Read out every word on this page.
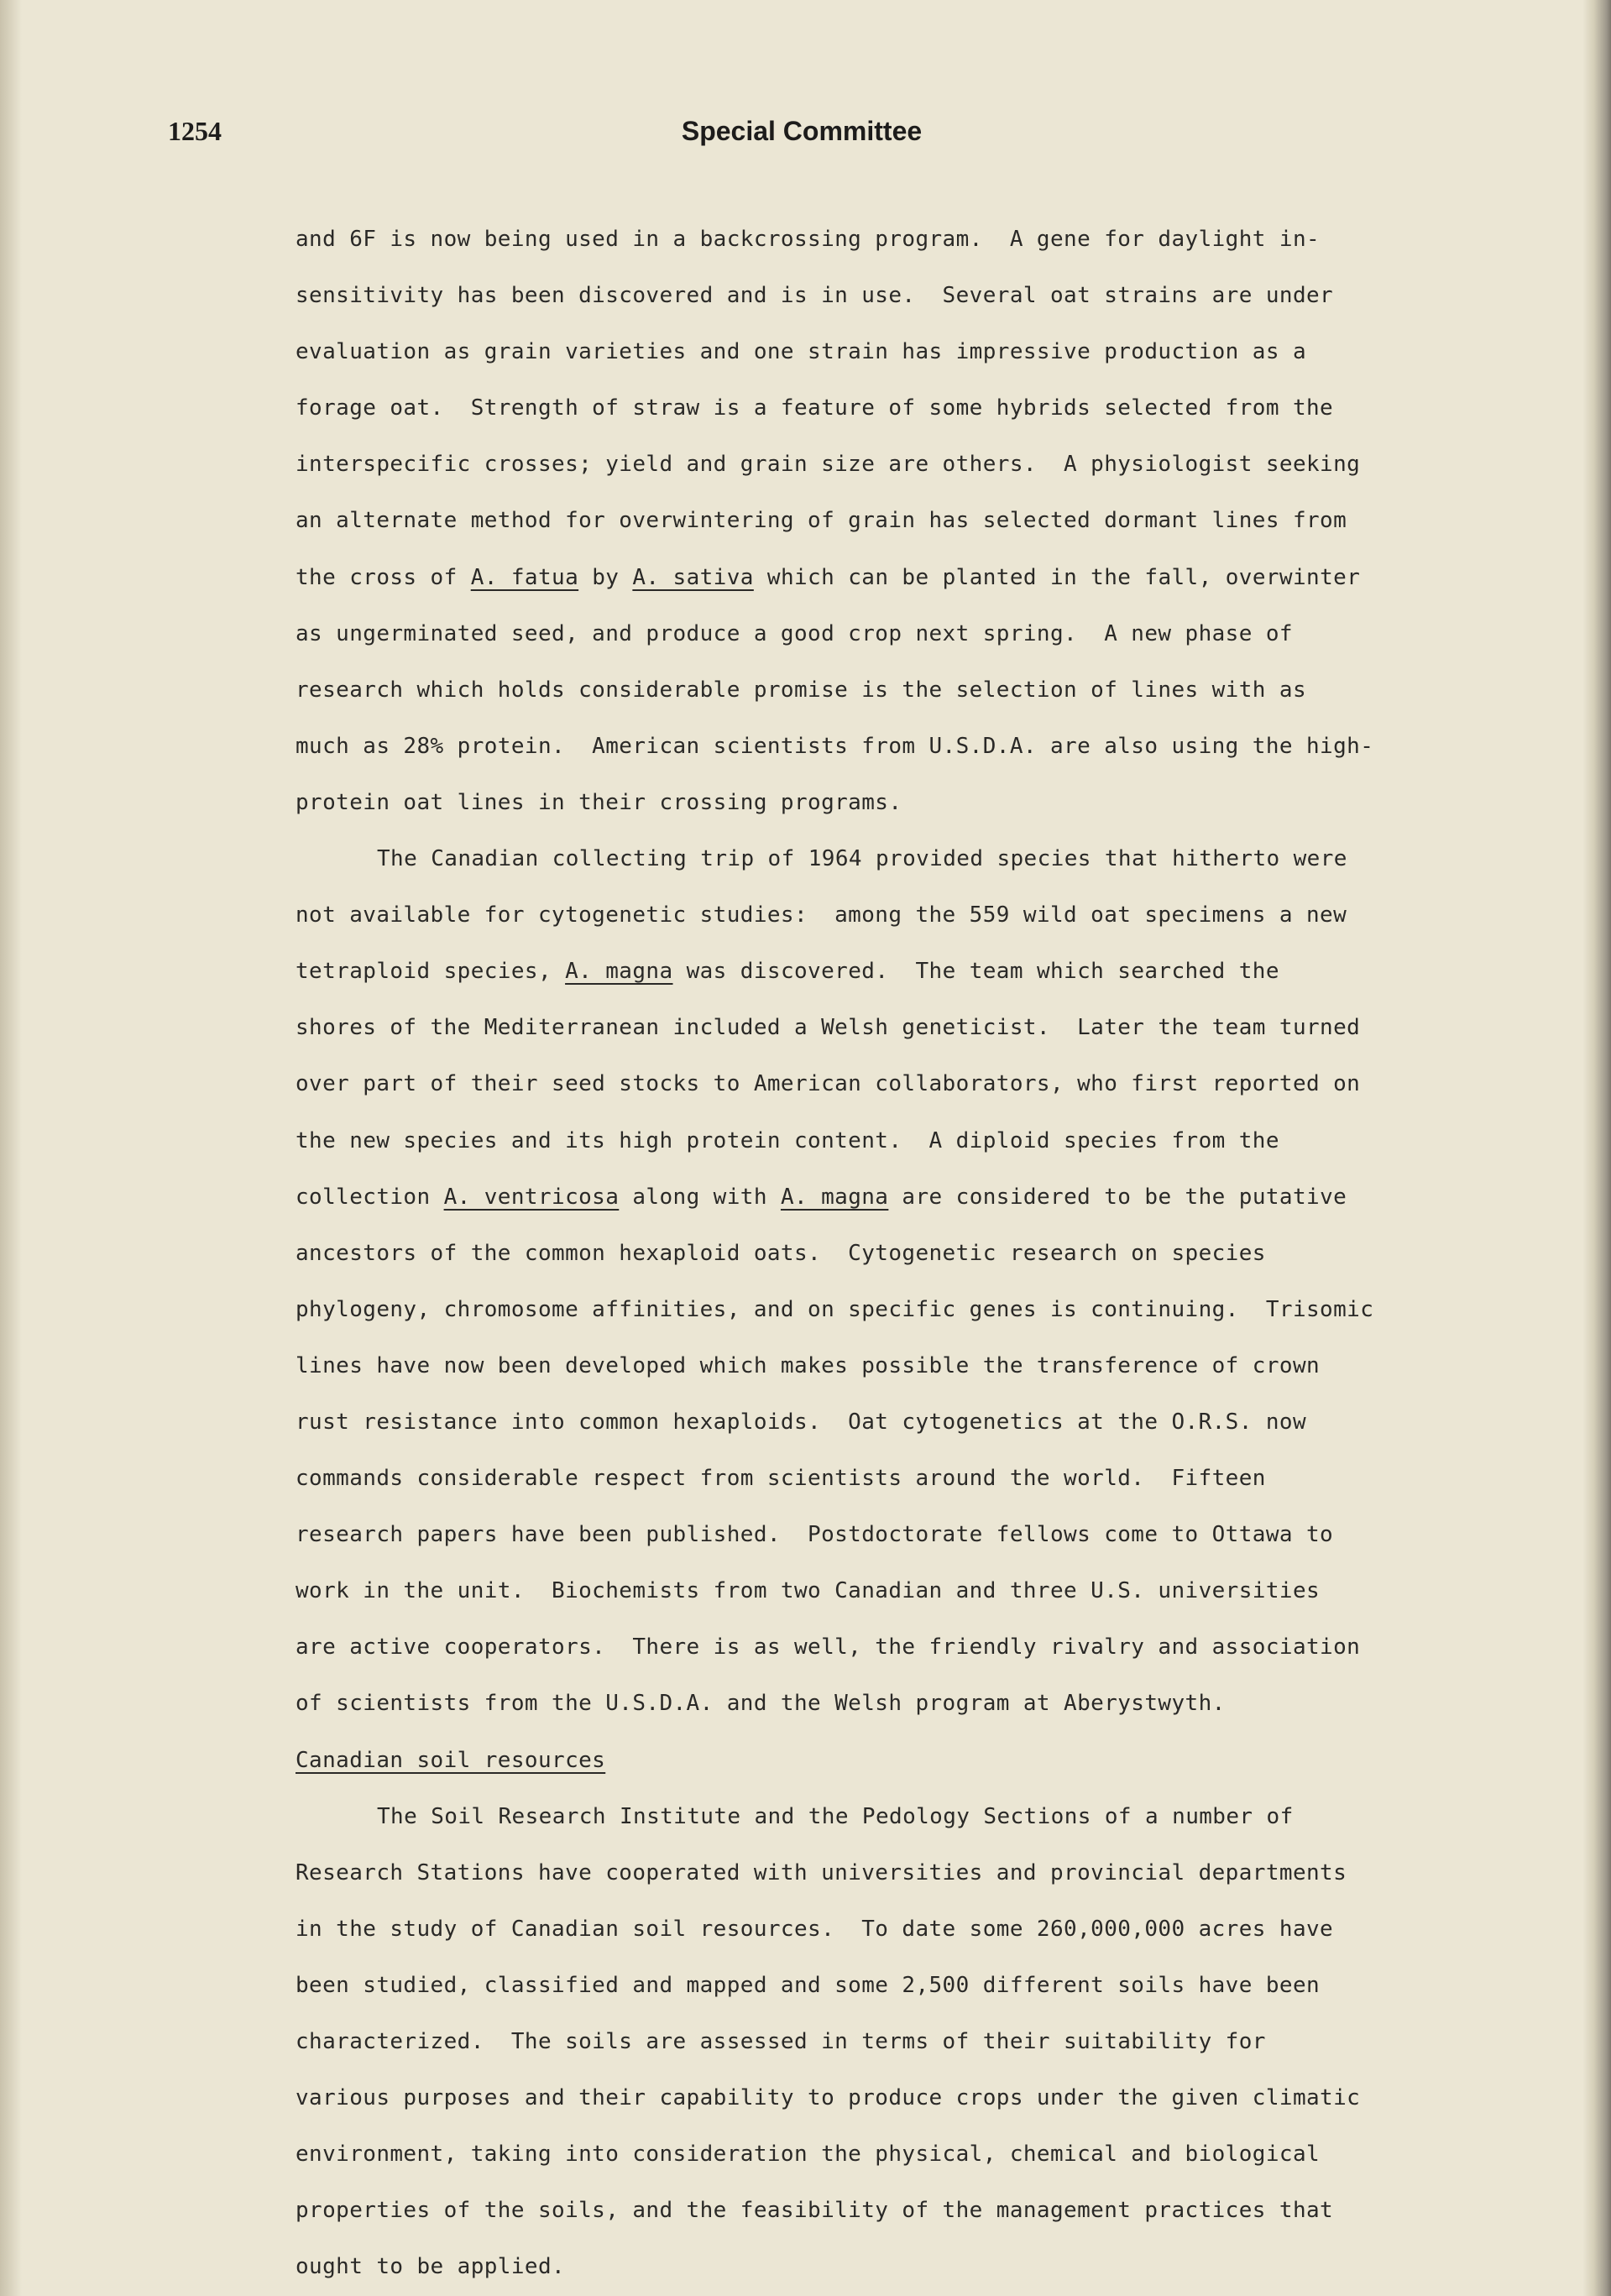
1254	Special Committee
and 6F is now being used in a backcrossing program.  A gene for daylight in-
sensitivity has been discovered and is in use.  Several oat strains are under
evaluation as grain varieties and one strain has impressive production as a
forage oat.  Strength of straw is a feature of some hybrids selected from the
interspecific crosses; yield and grain size are others.  A physiologist seeking
an alternate method for overwintering of grain has selected dormant lines from
the cross of A. fatua by A. sativa which can be planted in the fall, overwinter
as ungerminated seed, and produce a good crop next spring.  A new phase of
research which holds considerable promise is the selection of lines with as
much as 28% protein.  American scientists from U.S.D.A. are also using the high-
protein oat lines in their crossing programs.
The Canadian collecting trip of 1964 provided species that hitherto were
not available for cytogenetic studies:  among the 559 wild oat specimens a new
tetraploid species, A. magna was discovered.  The team which searched the
shores of the Mediterranean included a Welsh geneticist.  Later the team turned
over part of their seed stocks to American collaborators, who first reported on
the new species and its high protein content.  A diploid species from the
collection A. ventricosa along with A. magna are considered to be the putative
ancestors of the common hexaploid oats.  Cytogenetic research on species
phylogeny, chromosome affinities, and on specific genes is continuing.  Trisomic
lines have now been developed which makes possible the transference of crown
rust resistance into common hexaploids.  Oat cytogenetics at the O.R.S. now
commands considerable respect from scientists around the world.  Fifteen
research papers have been published.  Postdoctorate fellows come to Ottawa to
work in the unit.  Biochemists from two Canadian and three U.S. universities
are active cooperators.  There is as well, the friendly rivalry and association
of scientists from the U.S.D.A. and the Welsh program at Aberystwyth.
Canadian soil resources
The Soil Research Institute and the Pedology Sections of a number of
Research Stations have cooperated with universities and provincial departments
in the study of Canadian soil resources.  To date some 260,000,000 acres have
been studied, classified and mapped and some 2,500 different soils have been
characterized.  The soils are assessed in terms of their suitability for
various purposes and their capability to produce crops under the given climatic
environment, taking into consideration the physical, chemical and biological
properties of the soils, and the feasibility of the management practices that
ought to be applied.
